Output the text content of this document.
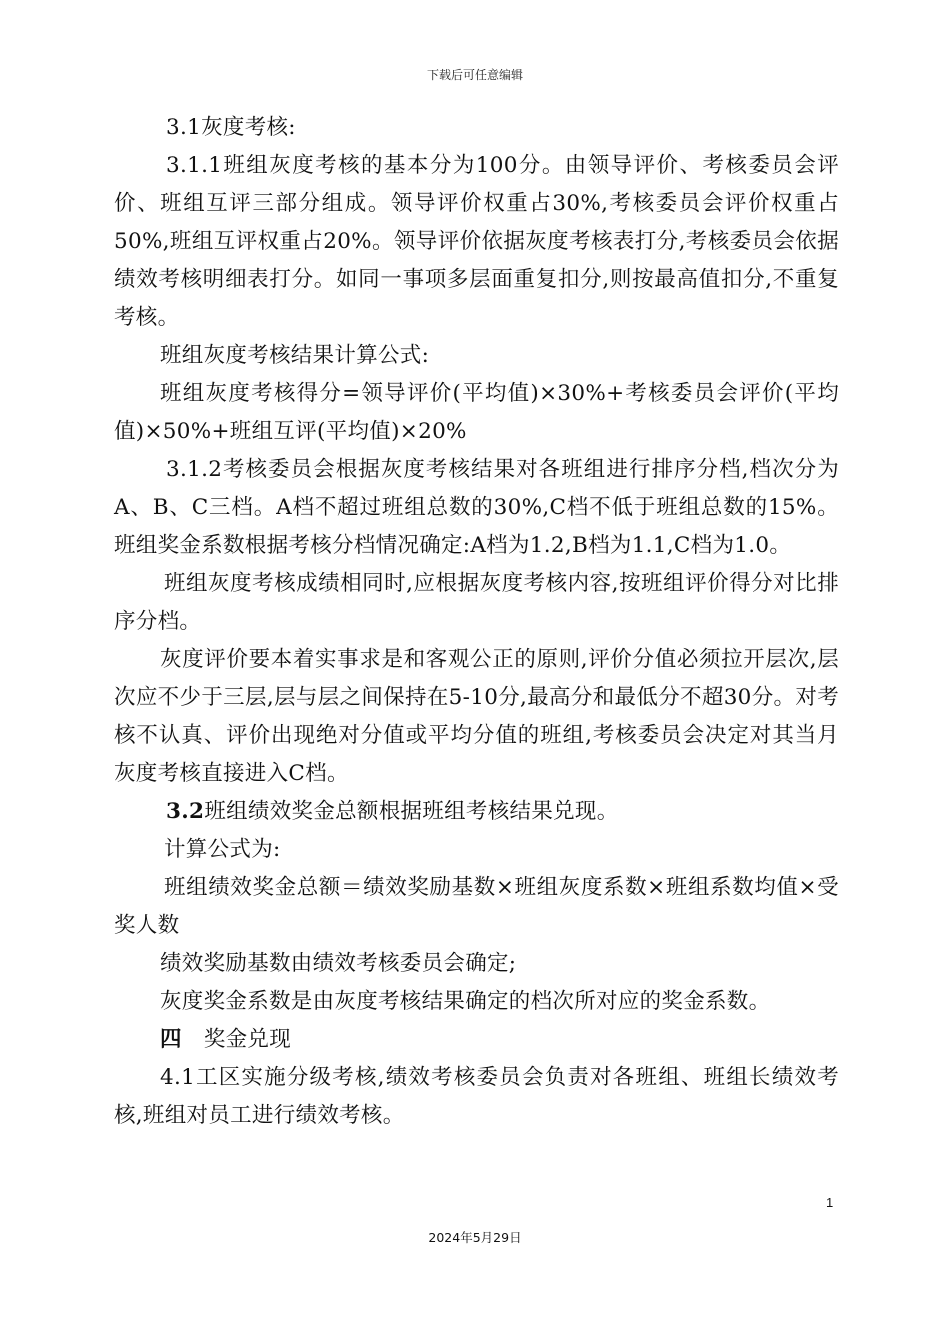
下载后可任意编辑

3.1灰度考核:

3.1.1班组灰度考核的基本分为100分。由领导评价、考核委员会评价、班组互评三部分组成。领导评价权重占30%,考核委员会评价权重占50%,班组互评权重占20%。领导评价依据灰度考核表打分,考核委员会依据绩效考核明细表打分。如同一事项多层面重复扣分,则按最高值扣分,不重复考核。

班组灰度考核结果计算公式:

班组灰度考核得分=领导评价(平均值)×30%+考核委员会评价(平均值)×50%+班组互评(平均值)×20%

3.1.2考核委员会根据灰度考核结果对各班组进行排序分档,档次分为A、B、C三档。A档不超过班组总数的30%,C档不低于班组总数的15%。班组奖金系数根据考核分档情况确定:A档为1.2,B档为1.1,C档为1.0。

班组灰度考核成绩相同时,应根据灰度考核内容,按班组评价得分对比排序分档。

灰度评价要本着实事求是和客观公正的原则,评价分值必须拉开层次,层次应不少于三层,层与层之间保持在5-10分,最高分和最低分不超30分。对考核不认真、评价出现绝对分值或平均分值的班组,考核委员会决定对其当月灰度考核直接进入C档。

3.2班组绩效奖金总额根据班组考核结果兑现。

计算公式为:

班组绩效奖金总额＝绩效奖励基数×班组灰度系数×班组系数均值×受奖人数

绩效奖励基数由绩效考核委员会确定;

灰度奖金系数是由灰度考核结果确定的档次所对应的奖金系数。

四 奖金兑现

4.1工区实施分级考核,绩效考核委员会负责对各班组、班组长绩效考核,班组对员工进行绩效考核。

1
2024年5月29日
